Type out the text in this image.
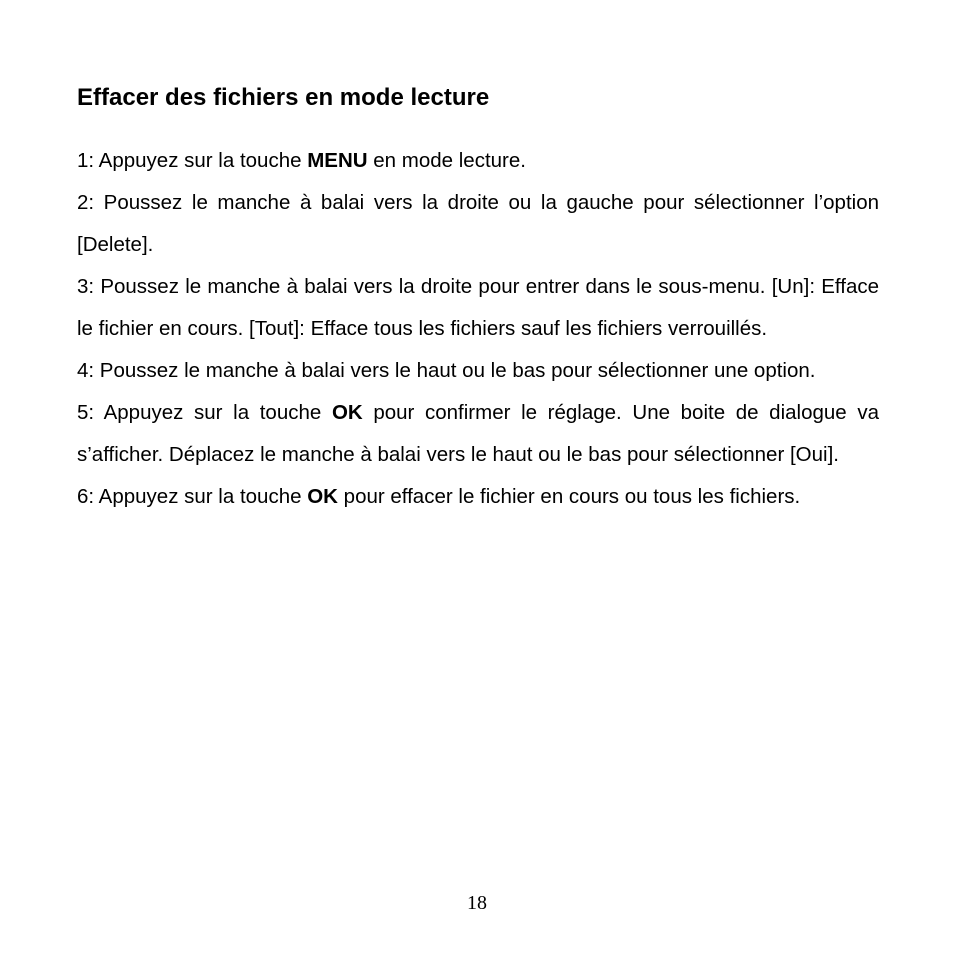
Effacer des fichiers en mode lecture

1: Appuyez sur la touche MENU en mode lecture.

2: Poussez le manche à balai vers la droite ou la gauche pour sélectionner l’option [Delete].

3: Poussez le manche à balai vers la droite pour entrer dans le sous-menu. [Un]: Efface le fichier en cours. [Tout]: Efface tous les fichiers sauf les fichiers verrouillés.

4: Poussez le manche à balai vers le haut ou le bas pour sélectionner une option.

5: Appuyez sur la touche OK pour confirmer le réglage. Une boite de dialogue va s’afficher. Déplacez le manche à balai vers le haut ou le bas pour sélectionner [Oui].

6: Appuyez sur la touche OK pour effacer le fichier en cours ou tous les fichiers.

18
